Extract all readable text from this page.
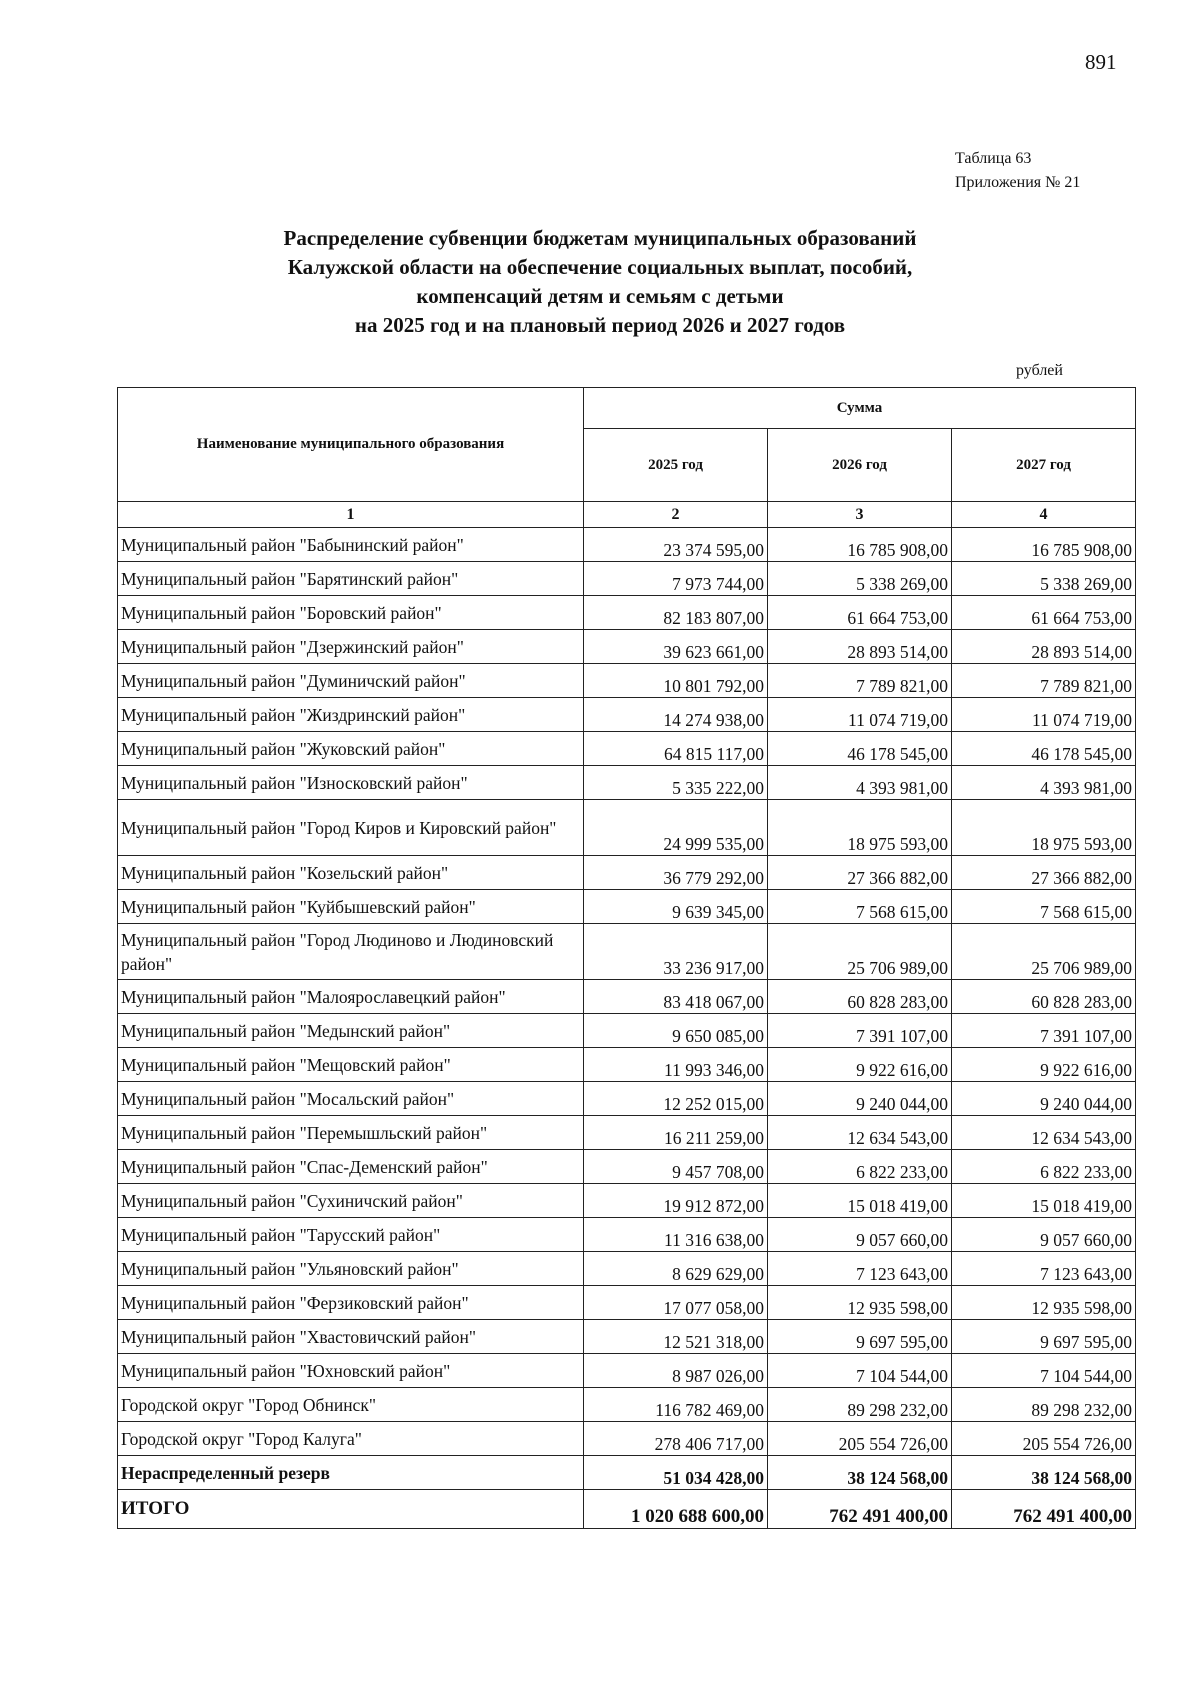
891
Таблица 63
Приложения № 21
Распределение субвенции бюджетам муниципальных образований
Калужской области на обеспечение социальных выплат, пособий,
компенсаций детям и семьям с детьми
на 2025 год и на плановый период 2026 и 2027 годов
рублей
Наименование муниципального образования	Сумма		
	2025 год	2026 год	2027 год
1	2	3	4
Муниципальный район "Бабынинский район"	23 374 595,00	16 785 908,00	16 785 908,00
Муниципальный район "Барятинский район"	7 973 744,00	5 338 269,00	5 338 269,00
Муниципальный район "Боровский район"	82 183 807,00	61 664 753,00	61 664 753,00
Муниципальный район "Дзержинский район"	39 623 661,00	28 893 514,00	28 893 514,00
Муниципальный район "Думиничский район"	10 801 792,00	7 789 821,00	7 789 821,00
Муниципальный район "Жиздринский район"	14 274 938,00	11 074 719,00	11 074 719,00
Муниципальный район "Жуковский район"	64 815 117,00	46 178 545,00	46 178 545,00
Муниципальный район "Износковский район"	5 335 222,00	4 393 981,00	4 393 981,00
Муниципальный район "Город Киров и Кировский район"	24 999 535,00	18 975 593,00	18 975 593,00
Муниципальный район "Козельский район"	36 779 292,00	27 366 882,00	27 366 882,00
Муниципальный район "Куйбышевский район"	9 639 345,00	7 568 615,00	7 568 615,00
Муниципальный район "Город Людиново и Людиновский район"	33 236 917,00	25 706 989,00	25 706 989,00
Муниципальный район "Малоярославецкий район"	83 418 067,00	60 828 283,00	60 828 283,00
Муниципальный район "Медынский район"	9 650 085,00	7 391 107,00	7 391 107,00
Муниципальный район "Мещовский район"	11 993 346,00	9 922 616,00	9 922 616,00
Муниципальный район "Мосальский район"	12 252 015,00	9 240 044,00	9 240 044,00
Муниципальный район "Перемышльский район"	16 211 259,00	12 634 543,00	12 634 543,00
Муниципальный район "Спас-Деменский район"	9 457 708,00	6 822 233,00	6 822 233,00
Муниципальный район "Сухиничский район"	19 912 872,00	15 018 419,00	15 018 419,00
Муниципальный район "Тарусский район"	11 316 638,00	9 057 660,00	9 057 660,00
Муниципальный район "Ульяновский район"	8 629 629,00	7 123 643,00	7 123 643,00
Муниципальный район "Ферзиковский район"	17 077 058,00	12 935 598,00	12 935 598,00
Муниципальный район "Хвастовичский район"	12 521 318,00	9 697 595,00	9 697 595,00
Муниципальный район "Юхновский район"	8 987 026,00	7 104 544,00	7 104 544,00
Городской округ "Город Обнинск"	116 782 469,00	89 298 232,00	89 298 232,00
Городской округ "Город Калуга"	278 406 717,00	205 554 726,00	205 554 726,00
Нераспределенный резерв	51 034 428,00	38 124 568,00	38 124 568,00
ИТОГО	1 020 688 600,00	762 491 400,00	762 491 400,00
